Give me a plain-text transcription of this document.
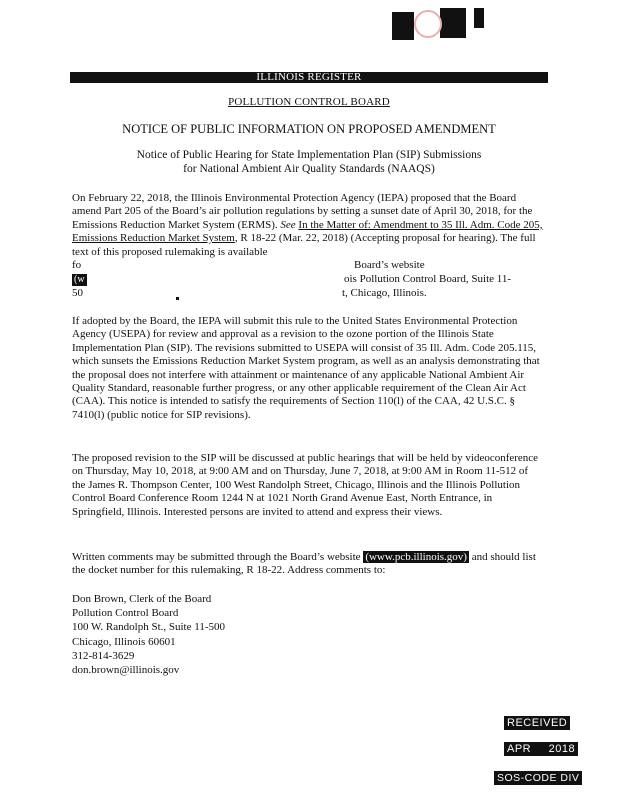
ILLINOIS REGISTER
POLLUTION CONTROL BOARD
NOTICE OF PUBLIC INFORMATION ON PROPOSED AMENDMENT
Notice of Public Hearing for State Implementation Plan (SIP) Submissions
for National Ambient Air Quality Standards (NAAQS)
On February 22, 2018, the Illinois Environmental Protection Agency (IEPA) proposed that the Board amend Part 205 of the Board’s air pollution regulations by setting a sunset date of April 30, 2018, for the Emissions Reduction Market System (ERMS). See In the Matter of: Amendment to 35 Ill. Adm. Code 205, Emissions Reduction Market System, R 18-22 (Mar. 22, 2018) (Accepting proposal for hearing). The full text of this proposed rulemaking is available
fo	Board’s website
(w	ois Pollution Control Board, Suite 11-
50	t, Chicago, Illinois.
If adopted by the Board, the IEPA will submit this rule to the United States Environmental Protection Agency (USEPA) for review and approval as a revision to the ozone portion of the Illinois State Implementation Plan (SIP). The revisions submitted to USEPA will consist of 35 Ill. Adm. Code 205.115, which sunsets the Emissions Reduction Market System program, as well as an analysis demonstrating that the proposal does not interfere with attainment or maintenance of any applicable National Ambient Air Quality Standard, reasonable further progress, or any other applicable requirement of the Clean Air Act (CAA). This notice is intended to satisfy the requirements of Section 110(l) of the CAA, 42 U.S.C. § 7410(l) (public notice for SIP revisions).
The proposed revision to the SIP will be discussed at public hearings that will be held by videoconference on Thursday, May 10, 2018, at 9:00 AM and on Thursday, June 7, 2018, at 9:00 AM in Room 11-512 of the James R. Thompson Center, 100 West Randolph Street, Chicago, Illinois and the Illinois Pollution Control Board Conference Room 1244 N at 1021 North Grand Avenue East, North Entrance, in Springfield, Illinois. Interested persons are invited to attend and express their views.
Written comments may be submitted through the Board’s website (www.pcb.illinois.gov) and should list the docket number for this rulemaking, R 18-22. Address comments to:
Don Brown, Clerk of the Board
Pollution Control Board
100 W. Randolph St., Suite 11-500
Chicago, Illinois 60601
312-814-3629
don.brown@illinois.gov
RECEIVED
APR 2018
SOS-CODE DIV
